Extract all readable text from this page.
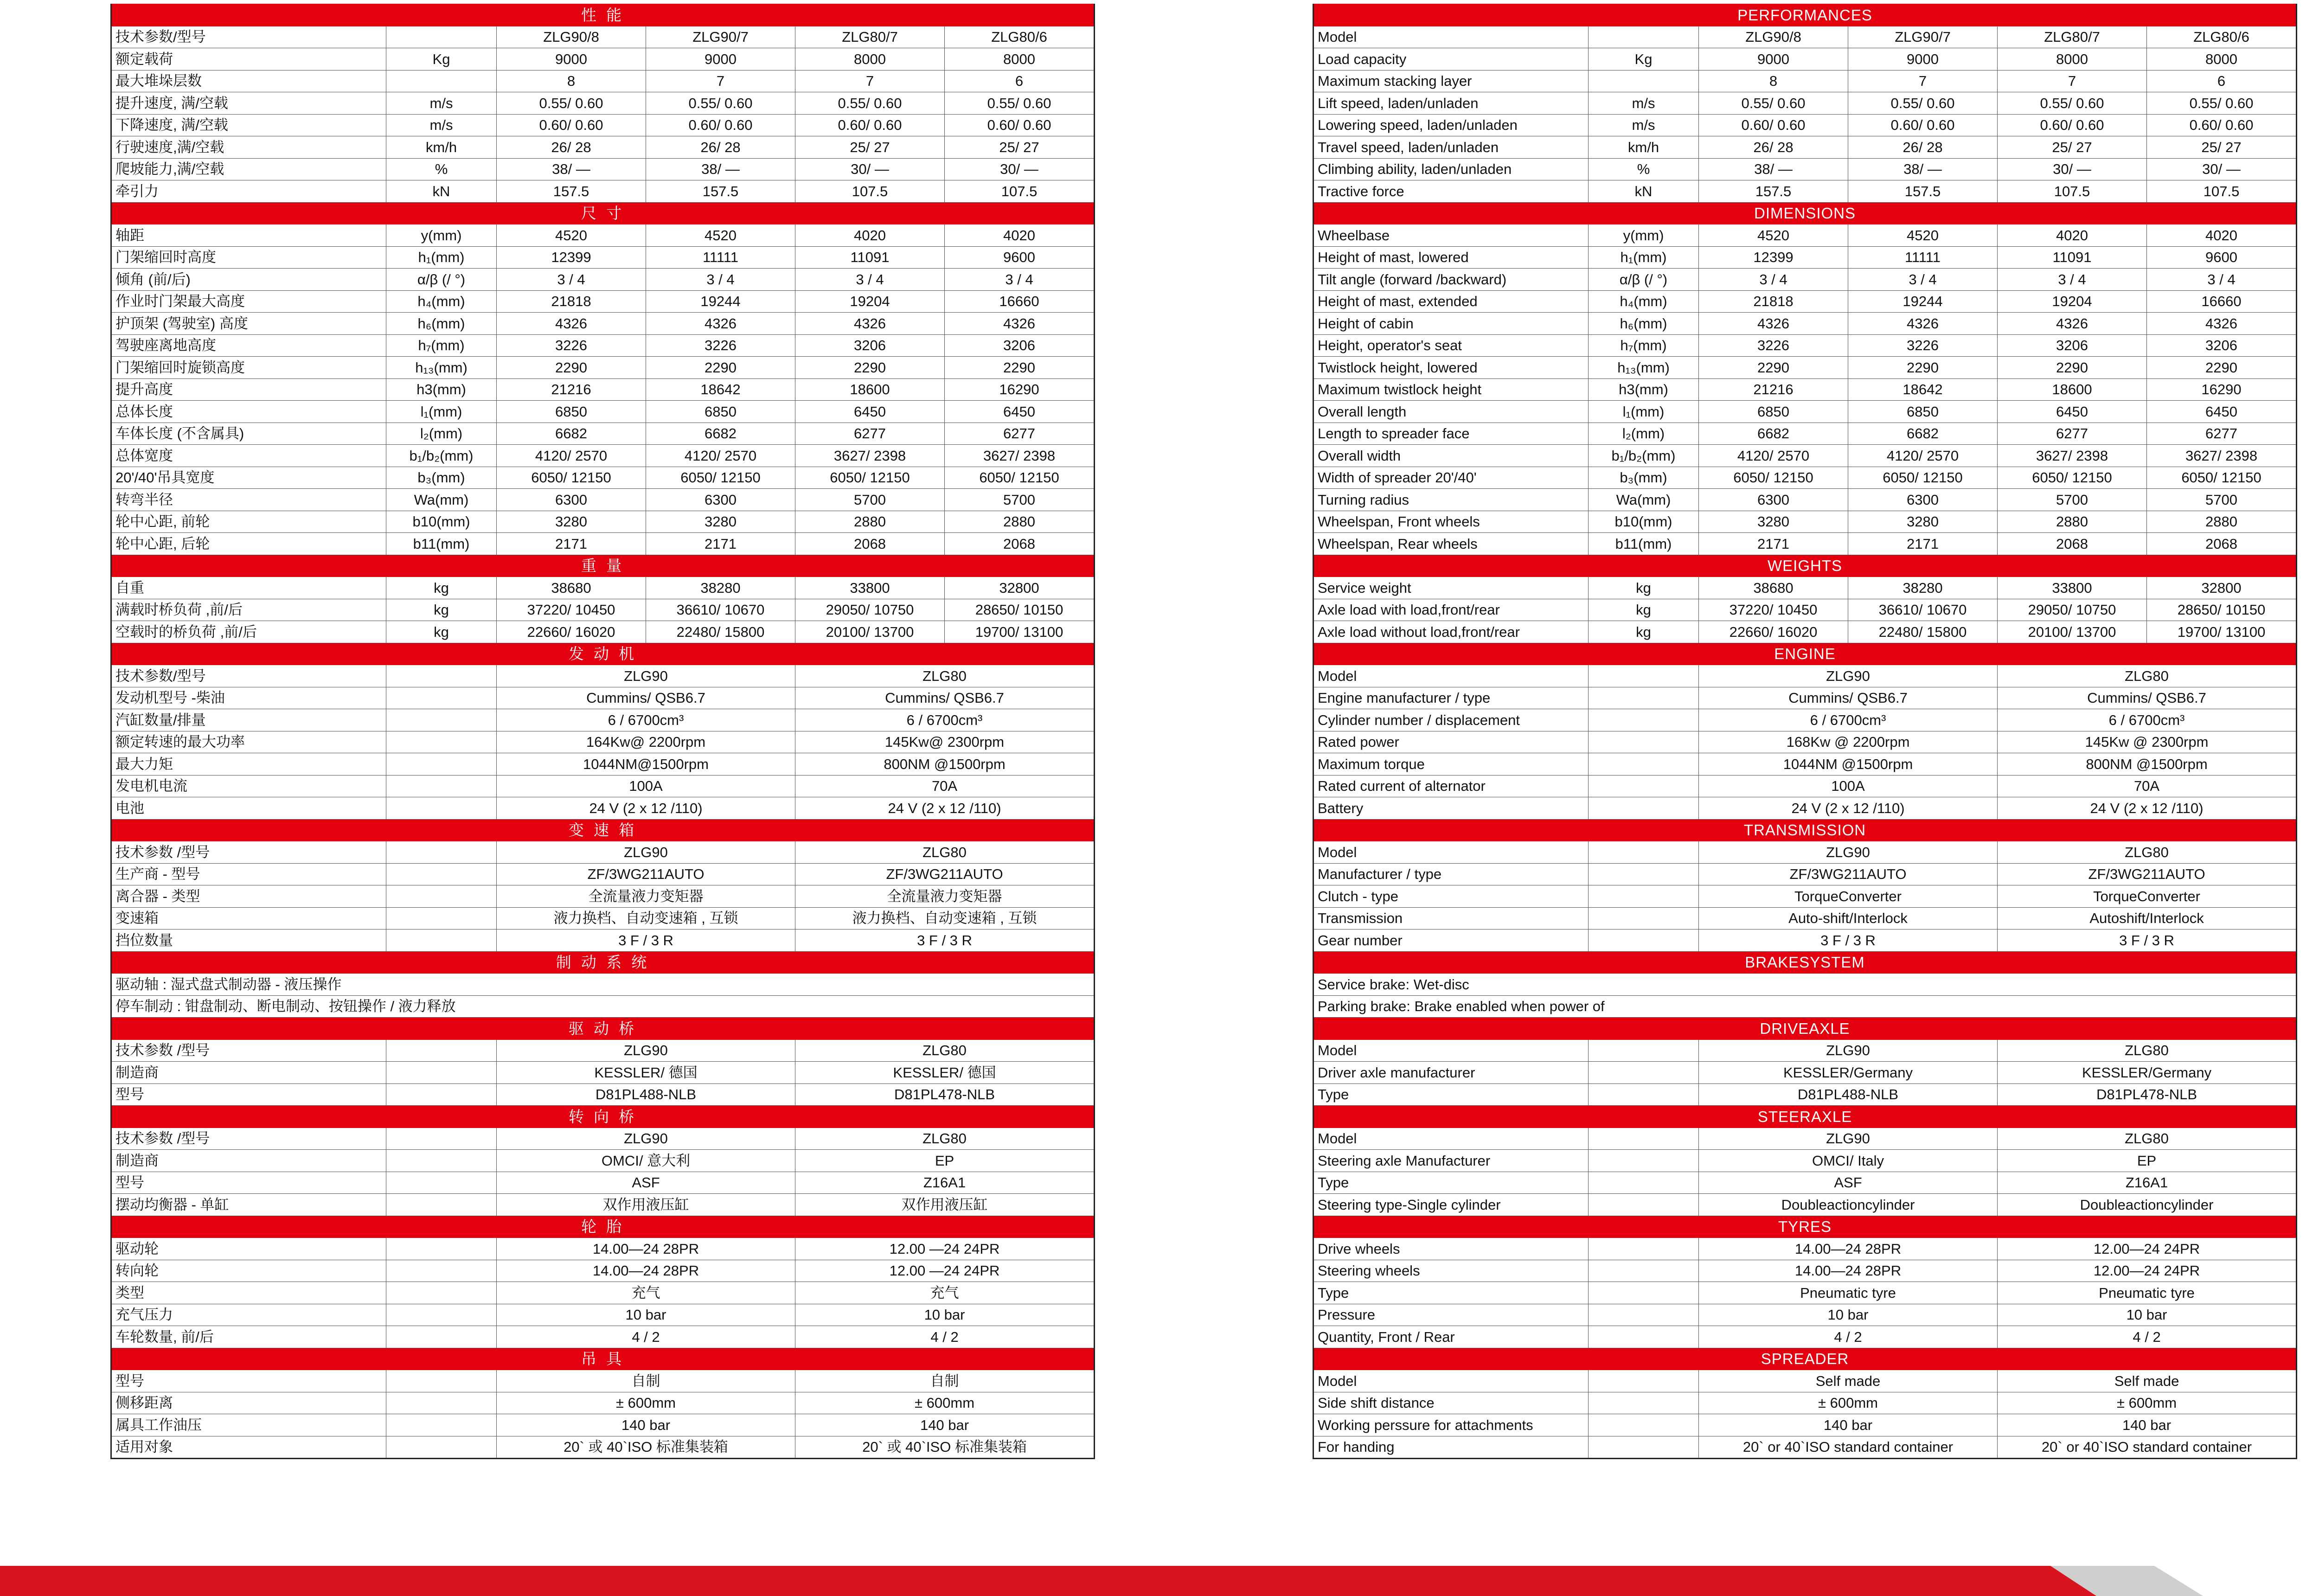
性 能					
技术参数/型号		ZLG90/8	ZLG90/7	ZLG80/7	ZLG80/6
额定载荷	Kg	9000	9000	8000	8000
最大堆垛层数		8	7	7	6
提升速度, 满/空载	m/s	0.55/ 0.60	0.55/ 0.60	0.55/ 0.60	0.55/ 0.60
下降速度, 满/空载	m/s	0.60/ 0.60	0.60/ 0.60	0.60/ 0.60	0.60/ 0.60
行驶速度,满/空载	km/h	26/ 28	26/ 28	25/ 27	25/ 27
爬坡能力,满/空载	%	38/ —	38/ —	30/ —	30/ —
牵引力	kN	157.5	157.5	107.5	107.5
尺 寸					
轴距	y(mm)	4520	4520	4020	4020
门架缩回时高度	h₁(mm)	12399	11111	11091	9600
倾角 (前/后)	α/β (/ °)	3 / 4	3 / 4	3 / 4	3 / 4
作业时门架最大高度	h₄(mm)	21818	19244	19204	16660
护顶架 (驾驶室) 高度	h₆(mm)	4326	4326	4326	4326
驾驶座离地高度	h₇(mm)	3226	3226	3206	3206
门架缩回时旋锁高度	h₁₃(mm)	2290	2290	2290	2290
提升高度	h3(mm)	21216	18642	18600	16290
总体长度	l₁(mm)	6850	6850	6450	6450
车体长度 (不含属具)	l₂(mm)	6682	6682	6277	6277
总体宽度	b₁/b₂(mm)	4120/ 2570	4120/ 2570	3627/ 2398	3627/ 2398
20'/40'吊具宽度	b₃(mm)	6050/ 12150	6050/ 12150	6050/ 12150	6050/ 12150
转弯半径	Wa(mm)	6300	6300	5700	5700
轮中心距, 前轮	b10(mm)	3280	3280	2880	2880
轮中心距, 后轮	b11(mm)	2171	2171	2068	2068
重 量					
自重	kg	38680	38280	33800	32800
满载时桥负荷 ,前/后	kg	37220/ 10450	36610/ 10670	29050/ 10750	28650/ 10150
空载时的桥负荷 ,前/后	kg	22660/ 16020	22480/ 15800	20100/ 13700	19700/ 13100
发 动 机					
技术参数/型号		ZLG90		ZLG80	
发动机型号 -柴油		Cummins/ QSB6.7		Cummins/ QSB6.7	
汽缸数量/排量		6 / 6700cm³		6 / 6700cm³	
额定转速的最大功率		164Kw@ 2200rpm		145Kw@ 2300rpm	
最大力矩		1044NM@1500rpm		800NM @1500rpm	
发电机电流		100A		70A	
电池		24 V (2 x 12 /110)		24 V (2 x 12 /110)	
变 速 箱					
技术参数 /型号		ZLG90		ZLG80	
生产商 - 型号		ZF/3WG211AUTO		ZF/3WG211AUTO	
离合器 - 类型		全流量液力变矩器		全流量液力变矩器	
变速箱		液力换档、自动变速箱 , 互锁		液力换档、自动变速箱 , 互锁	
挡位数量		3 F / 3 R		3 F / 3 R	
制 动 系 统					
驱动轴 : 湿式盘式制动器 - 液压操作					
停车制动 : 钳盘制动、断电制动、按钮操作 / 液力释放					
驱 动 桥					
技术参数 /型号		ZLG90		ZLG80	
制造商		KESSLER/ 德国		KESSLER/ 德国	
型号		D81PL488-NLB		D81PL478-NLB	
转 向 桥					
技术参数 /型号		ZLG90		ZLG80	
制造商		OMCI/ 意大利		EP	
型号		ASF		Z16A1	
摆动均衡器 - 单缸		双作用液压缸		双作用液压缸	
轮 胎					
驱动轮		14.00—24 28PR		12.00 —24 24PR	
转向轮		14.00—24 28PR		12.00 —24 24PR	
类型		充气		充气	
充气压力		10 bar		10 bar	
车轮数量, 前/后		4 / 2		4 / 2	
吊 具					
型号		自制		自制	
侧移距离		± 600mm		± 600mm	
属具工作油压		140 bar		140 bar	
适用对象		20` 或 40`ISO 标准集装箱		20` 或 40`ISO 标准集装箱	
PERFORMANCES					
Model		ZLG90/8	ZLG90/7	ZLG80/7	ZLG80/6
Load capacity	Kg	9000	9000	8000	8000
Maximum stacking layer		8	7	7	6
Lift speed, laden/unladen	m/s	0.55/ 0.60	0.55/ 0.60	0.55/ 0.60	0.55/ 0.60
Lowering speed, laden/unladen	m/s	0.60/ 0.60	0.60/ 0.60	0.60/ 0.60	0.60/ 0.60
Travel speed, laden/unladen	km/h	26/ 28	26/ 28	25/ 27	25/ 27
Climbing ability, laden/unladen	%	38/ —	38/ —	30/ —	30/ —
Tractive force	kN	157.5	157.5	107.5	107.5
DIMENSIONS					
Wheelbase	y(mm)	4520	4520	4020	4020
Height of mast, lowered	h₁(mm)	12399	11111	11091	9600
Tilt angle (forward /backward)	α/β (/ °)	3 / 4	3 / 4	3 / 4	3 / 4
Height of mast, extended	h₄(mm)	21818	19244	19204	16660
Height of cabin	h₆(mm)	4326	4326	4326	4326
Height, operator's seat	h₇(mm)	3226	3226	3206	3206
Twistlock height, lowered	h₁₃(mm)	2290	2290	2290	2290
Maximum twistlock height	h3(mm)	21216	18642	18600	16290
Overall length	l₁(mm)	6850	6850	6450	6450
Length to spreader face	l₂(mm)	6682	6682	6277	6277
Overall width	b₁/b₂(mm)	4120/ 2570	4120/ 2570	3627/ 2398	3627/ 2398
Width of spreader 20'/40'	b₃(mm)	6050/ 12150	6050/ 12150	6050/ 12150	6050/ 12150
Turning radius	Wa(mm)	6300	6300	5700	5700
Wheelspan, Front wheels	b10(mm)	3280	3280	2880	2880
Wheelspan, Rear wheels	b11(mm)	2171	2171	2068	2068
WEIGHTS					
Service weight	kg	38680	38280	33800	32800
Axle load with load,front/rear	kg	37220/ 10450	36610/ 10670	29050/ 10750	28650/ 10150
Axle load without load,front/rear	kg	22660/ 16020	22480/ 15800	20100/ 13700	19700/ 13100
ENGINE					
Model		ZLG90		ZLG80	
Engine manufacturer / type		Cummins/ QSB6.7		Cummins/ QSB6.7	
Cylinder number / displacement		6 / 6700cm³		6 / 6700cm³	
Rated power		168Kw @ 2200rpm		145Kw @ 2300rpm	
Maximum torque		1044NM @1500rpm		800NM @1500rpm	
Rated current of alternator		100A		70A	
Battery		24 V (2 x 12 /110)		24 V (2 x 12 /110)	
TRANSMISSION					
Model		ZLG90		ZLG80	
Manufacturer / type		ZF/3WG211AUTO		ZF/3WG211AUTO	
Clutch - type		TorqueConverter		TorqueConverter	
Transmission		Auto-shift/Interlock		Autoshift/Interlock	
Gear number		3 F / 3 R		3 F / 3 R	
BRAKESYSTEM					
Service brake: Wet-disc					
Parking brake: Brake enabled when power of					
DRIVEAXLE					
Model		ZLG90		ZLG80	
Driver axle manufacturer		KESSLER/Germany		KESSLER/Germany	
Type		D81PL488-NLB		D81PL478-NLB	
STEERAXLE					
Model		ZLG90		ZLG80	
Steering axle Manufacturer		OMCI/ Italy		EP	
Type		ASF		Z16A1	
Steering type-Single cylinder		Doubleactioncylinder		Doubleactioncylinder	
TYRES					
Drive wheels		14.00—24 28PR		12.00—24 24PR	
Steering wheels		14.00—24 28PR		12.00—24 24PR	
Type		Pneumatic tyre		Pneumatic tyre	
Pressure		10 bar		10 bar	
Quantity, Front / Rear		4 / 2		4 / 2	
SPREADER					
Model		Self made		Self made	
Side shift distance		± 600mm		± 600mm	
Working perssure for attachments		140 bar		140 bar	
For handing		20` or 40`ISO standard container		20` or 40`ISO standard container	
